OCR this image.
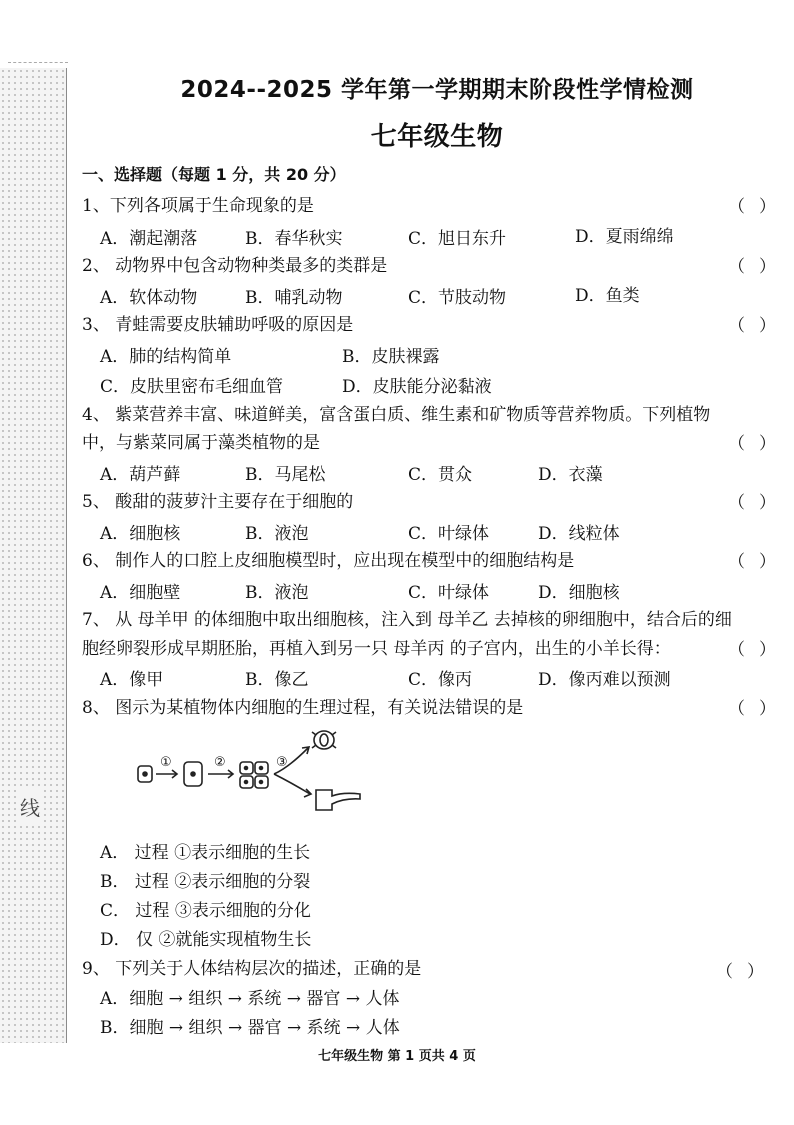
线
2024--2025 学年第一学期期末阶段性学情检测
七年级生物
一、选择题（每题 1 分，共 20 分）
1、下列各项属于生命现象的是	（ ）
A．潮起潮落	B．春华秋实	C．旭日东升	D．夏雨绵绵
2、 动物界中包含动物种类最多的类群是	（ ）
A．软体动物	B．哺乳动物	C．节肢动物	D．鱼类
3、 青蛙需要皮肤辅助呼吸的原因是	（ ）
A．肺的结构简单	B．皮肤裸露
C．皮肤里密布毛细血管	D．皮肤能分泌黏液
4、 紫菜营养丰富、味道鲜美，富含蛋白质、维生素和矿物质等营养物质。下列植物
中，与紫菜同属于藻类植物的是	（ ）
A．葫芦藓	B．马尾松	C．贯众	D．衣藻
5、 酸甜的菠萝汁主要存在于细胞的	（ ）
A．细胞核	B．液泡	C．叶绿体	D．线粒体
6、 制作人的口腔上皮细胞模型时，应出现在模型中的细胞结构是	（ ）
A．细胞壁	B．液泡	C．叶绿体	D．细胞核
7、 从 母羊甲 的体细胞中取出细胞核，注入到 母羊乙 去掉核的卵细胞中，结合后的细
胞经卵裂形成早期胚胎，再植入到另一只 母羊丙 的子宫内，出生的小羊长得：	（ ）
A．像甲	B．像乙	C．像丙	D．像丙难以预测
8、 图示为某植物体内细胞的生理过程，有关说法错误的是	（ ）
①	②	③
A． 过程 ①表示细胞的生长
B． 过程 ②表示细胞的分裂
C． 过程 ③表示细胞的分化
D． 仅 ②就能实现植物生长
9、 下列关于人体结构层次的描述，正确的是	（ ）
A．细胞 → 组织 → 系统 → 器官 → 人体
B．细胞 → 组织 → 器官 → 系统 → 人体
七年级生物 第 1 页共 4 页
